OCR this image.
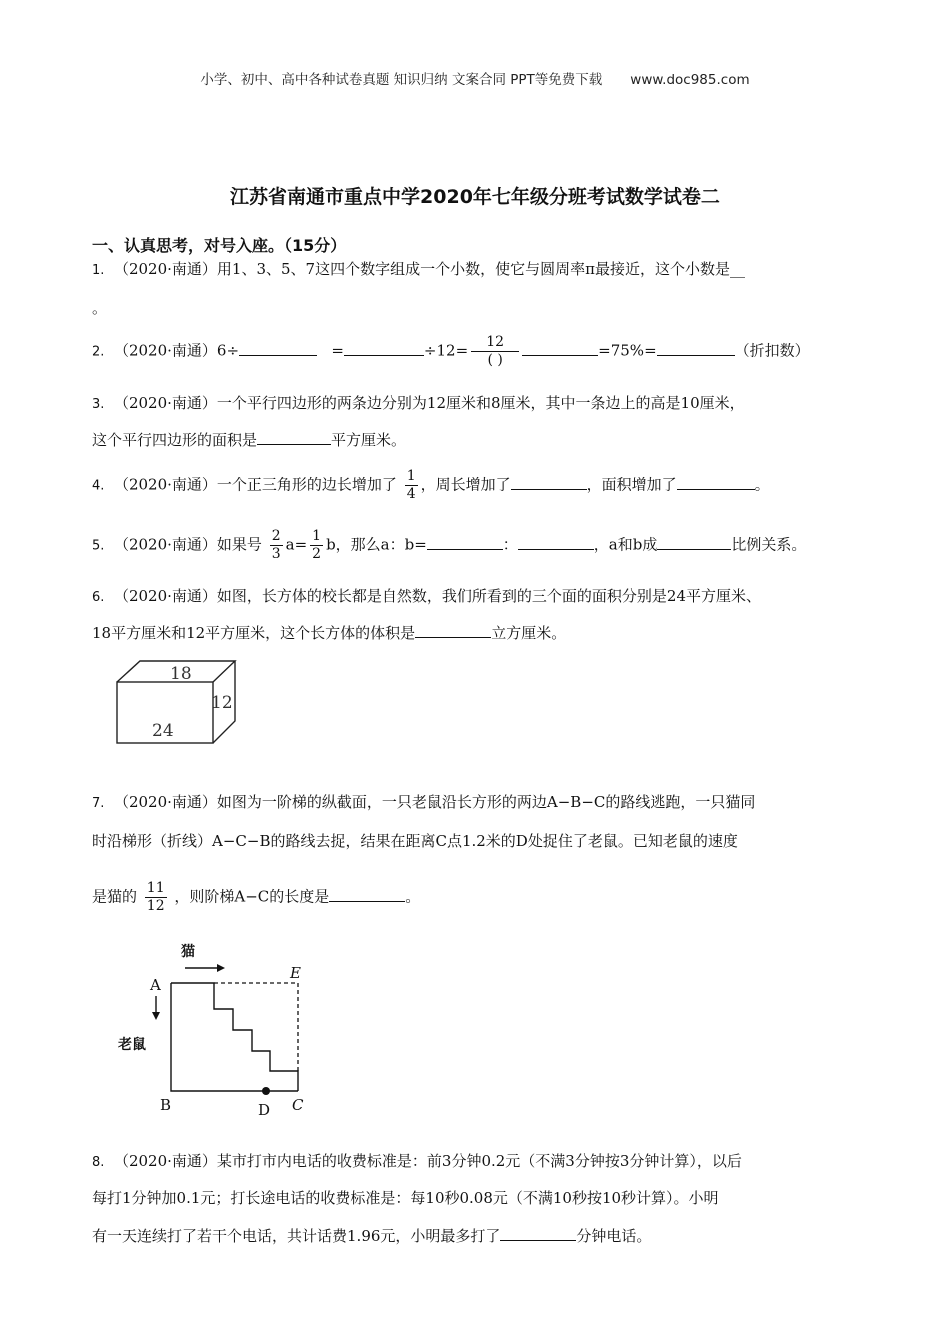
小学、初中、高中各种试卷真题 知识归纳 文案合同 PPT等免费下载 www.doc985.com
江苏省南通市重点中学2020年七年级分班考试数学试卷二
一、认真思考，对号入座。（15分）
1. （2020·南通）用1、3、5、7这四个数字组成一个小数，使它与圆周率π最接近，这个小数是__
。
2. （2020·南通）6÷	=	$\div 12= \frac{12}{( )}$	=75%=	（折扣数）
3. （2020·南通）一个平行四边形的两条边分别为12厘米和8厘米，其中一条边上的高是10厘米，
这个平行四边形的面积是	平方厘米。
4. （2020·南通）一个正三角形的边长增加了 $\frac{1}{4}$ ，周长增加了	，面积增加了	。
5. （2020·南通）如果号 $\frac{2}{3} a= \frac{1}{2}$ b，那么a：b=	：	，a和b成	比例关系。
6. （2020·南通）如图，长方体的校长都是自然数，我们所看到的三个面的面积分别是24平方厘米、
18平方厘米和12平方厘米，这个长方体的体积是	立方厘米。
18
12
24
7. （2020·南通）如图为一阶梯的纵截面，一只老鼠沿长方形的两边A−B−C的路线逃跑，一只猫同
时沿梯形（折线）A−C−B的路线去捉，结果在距离C点1.2米的D处捉住了老鼠。已知老鼠的速度
是猫的 $\frac{11}{12}$ ，则阶梯A−C的长度是	。
猫
A
老鼠
E
B	D C
8. （2020·南通）某市打市内电话的收费标准是：前3分钟0.2元（不满3分钟按3分钟计算），以后
每打1分钟加0.1元；打长途电话的收费标准是：每10秒0.08元（不满10秒按10秒计算）。小明
有一天连续打了若干个电话，共计话费1.96元，小明最多打了	分钟电话。
